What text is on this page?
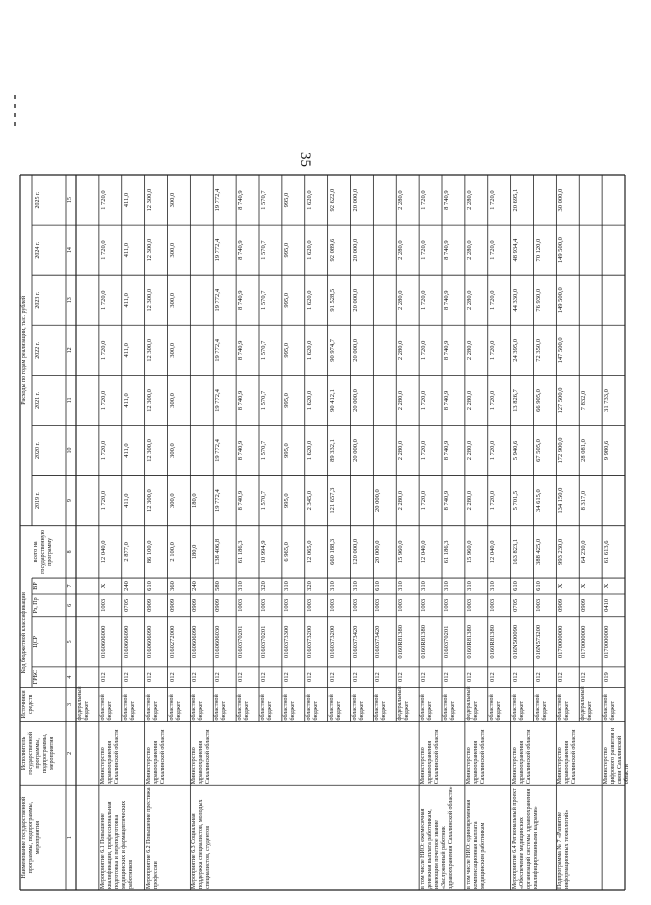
35
Наименование государственной программы, подпрограммы, мероприятия
Исполнитель государственной программы, подпрограммы, мероприятия
Источники средств
Код бюджетной классификации
ГРБС
ЦСР
Рз, Пр
ВР
всего на государственную программу
Расходы по годам реализации, тыс. рублей
2019 г.
2020 г.
2021 г.
2022 г.
2023 г.
2024 г.
2025 г.
1
2
3
4
5
6
7
8
9
10
11
12
13
14
15
федеральный бюджет
Мероприятие 6.1 Повышение квалификации, профессиональная подготовка и переподготовка медицинских и фармацевтических работников
Министерство здравоохранения Сахалинской области
областной бюджет
012
0160606000
1003
X
12 040,0
1 720,0
1 720,0
1 720,0
1 720,0
1 720,0
1 720,0
1 720,0
областной бюджет
012
0160606090
0705
240
2 877,0
411,0
411,0
411,0
411,0
411,0
411,0
411,0
Мероприятие 6.2 Повышение престижа профессии
Министерство здравоохранения Сахалинской области
областной бюджет
012
0160606090
0909
610
86 100,0
12 300,0
12 300,0
12 300,0
12 300,0
12 300,0
12 300,0
12 300,0
областной бюджет
012
0160272000
0909
360
2 100,0
300,0
300,0
300,0
300,0
300,0
300,0
300,0
Мероприятие 6.3 Социальная поддержка специалистов, молодых специалистов, студентов
Министерство здравоохранения Сахалинской области
областной бюджет
012
0160606090
0909
240
180,0
180,0
областной бюджет
012
0160606030
0909
580
138 406,8
19 772,4
19 772,4
19 772,4
19 772,4
19 772,4
19 772,4
19 772,4
областной бюджет
012
0160370201
1003
310
61 186,3
8 740,9
8 740,9
8 740,9
8 740,9
8 740,9
8 740,9
8 740,9
областной бюджет
012
0160370201
1003
320
10 994,9
1 570,7
1 570,7
1 570,7
1 570,7
1 570,7
1 570,7
1 570,7
областной бюджет
012
0160373300
1003
310
6 965,0
995,0
995,0
995,0
995,0
995,0
995,0
995,0
областной бюджет
012
0160373200
1003
320
12 065,0
2 345,0
1 620,0
1 620,0
1 620,0
1 620,0
1 620,0
1 620,0
областной бюджет
012
0160373200
1003
310
660 188,3
121 657,3
89 332,1
90 412,1
90 974,7
91 528,5
92 089,6
92 622,0
областной бюджет
012
0160373420
1003
310
120 000,0
20 000,0
20 000,0
20 000,0
20 000,0
20 000,0
20 000,0
областной бюджет
012
0160373420
1003
610
20 000,0
20 000,0
федеральный бюджет
012
0160R81380
1003
310
15 960,0
2 280,0
2 280,0
2 280,0
2 280,0
2 280,0
2 280,0
2 280,0
в том числе НИО: ежемесячная денежная выплата работникам, имеющим почетное звание «Заслуженный работник здравоохранения Сахалинской области»
Министерство здравоохранения Сахалинской области
областной бюджет
012
0160R81380
1003
310
12 040,0
1 720,0
1 720,0
1 720,0
1 720,0
1 720,0
1 720,0
1 720,0
областной бюджет
012
0160370201
1003
310
61 186,3
8 740,9
8 740,9
8 740,9
8 740,9
8 740,9
8 740,9
8 740,9
в том числе НИО: единовременная компенсационная выплата медицинским работникам
Министерство здравоохранения Сахалинской области
федеральный бюджет
012
0160R81380
1003
310
15 960,0
2 280,0
2 280,0
2 280,0
2 280,0
2 280,0
2 280,0
2 280,0
областной бюджет
012
0160R81380
1003
310
12 040,0
1 720,0
1 720,0
1 720,0
1 720,0
1 720,0
1 720,0
1 720,0
Мероприятие 6.4 Региональный проект «Обеспечение медицинских организаций системы здравоохранения квалифицированными кадрами»
Министерство здравоохранения Сахалинской области
областной бюджет
012
016N500090
0705
610
163 823,1
5 701,5
5 940,6
13 826,7
24 395,0
44 330,0
48 934,4
20 695,1
областной бюджет
012
016N573200
1003
610
388 425,0
34 615,0
67 505,0
66 905,0
72 350,0
76 930,0
70 120,0
Подпрограмма № 7 «Развитие информационных технологий»
Министерство здравоохранения Сахалинской области
областной бюджет
012
0170000000
0909
X
993 230,0
134 150,0
172 900,0
127 500,0
147 500,0
149 500,0
149 500,0
30 000,0
федеральный бюджет
012
0170000000
0909
X
64 230,0
8 317,0
28 081,0
7 832,0
Министерство цифрового развития и связи Сахалинской области
областной бюджет
019
0170000000
0410
X
61 613,6
9 980,6
31 733,0
